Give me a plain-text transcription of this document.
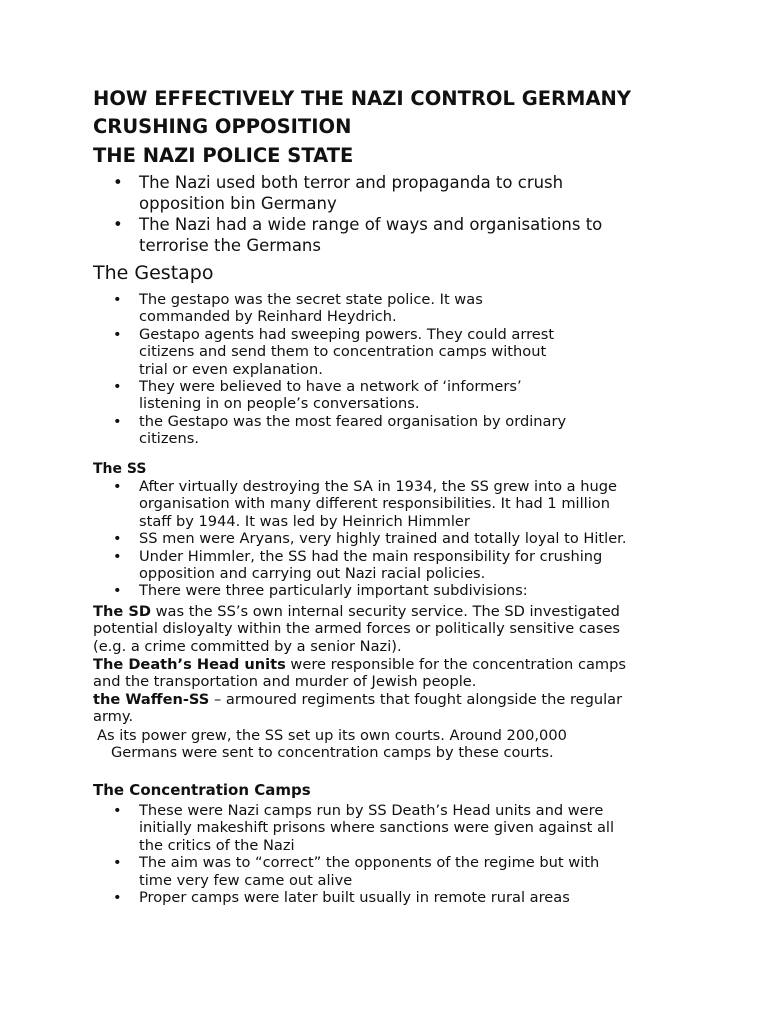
HOW EFFECTIVELY THE NAZI CONTROL GERMANY
CRUSHING OPPOSITION
THE NAZI POLICE STATE
• The Nazi used both terror and propaganda to crush
opposition bin Germany
• The Nazi had a wide range of ways and organisations to
terrorise the Germans
The Gestapo
• The gestapo was the secret state police. It was
commanded by Reinhard Heydrich.
• Gestapo agents had sweeping powers. They could arrest
citizens and send them to concentration camps without
trial or even explanation.
• They were believed to have a network of ‘informers’
listening in on people’s conversations.
• the Gestapo was the most feared organisation by ordinary
citizens.
The SS
• After virtually destroying the SA in 1934, the SS grew into a huge
organisation with many different responsibilities. It had 1 million
staff by 1944. It was led by Heinrich Himmler
• SS men were Aryans, very highly trained and totally loyal to Hitler.
• Under Himmler, the SS had the main responsibility for crushing
opposition and carrying out Nazi racial policies.
• There were three particularly important subdivisions:
The SD was the SS’s own internal security service. The SD investigated
potential disloyalty within the armed forces or politically sensitive cases
(e.g. a crime committed by a senior Nazi).
The Death’s Head units were responsible for the concentration camps
and the transportation and murder of Jewish people.
the Waffen-SS – armoured regiments that fought alongside the regular
army.
As its power grew, the SS set up its own courts. Around 200,000
Germans were sent to concentration camps by these courts.
The Concentration Camps
• These were Nazi camps run by SS Death’s Head units and were
initially makeshift prisons where sanctions were given against all
the critics of the Nazi
• The aim was to “correct” the opponents of the regime but with
time very few came out alive
• Proper camps were later built usually in remote rural areas
